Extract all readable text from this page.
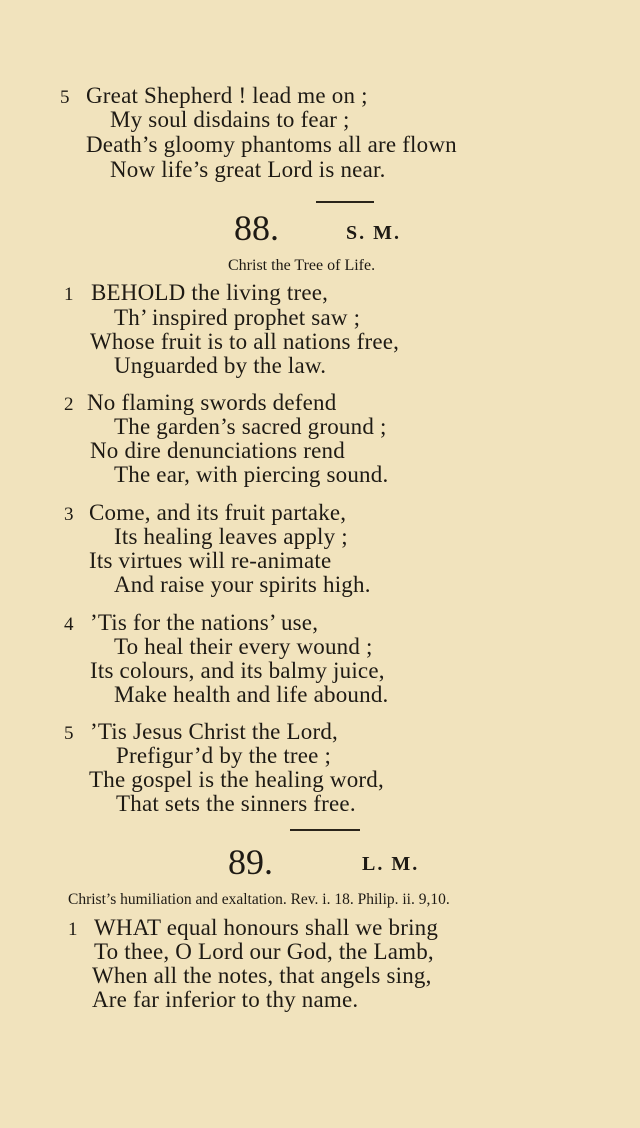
5 Great Shepherd ! lead me on ;
My soul disdains to fear ;
Death’s gloomy phantoms all are flown
Now life’s great Lord is near.
88.	S. M.
Christ the Tree of Life.
1 BEHOLD the living tree,
Th’ inspired prophet saw ;
Whose fruit is to all nations free,
Unguarded by the law.
2 No flaming swords defend
The garden’s sacred ground ;
No dire denunciations rend
The ear, with piercing sound.
3 Come, and its fruit partake,
Its healing leaves apply ;
Its virtues will re-animate
And raise your spirits high.
4 ’Tis for the nations’ use,
To heal their every wound ;
Its colours, and its balmy juice,
Make health and life abound.
5 ’Tis Jesus Christ the Lord,
Prefigur’d by the tree ;
The gospel is the healing word,
That sets the sinners free.
89.	L. M.
Christ’s humiliation and exaltation. Rev. i. 18. Philip. ii. 9,10.
1 WHAT equal honours shall we bring
To thee, O Lord our God, the Lamb,
When all the notes, that angels sing,
Are far inferior to thy name.
